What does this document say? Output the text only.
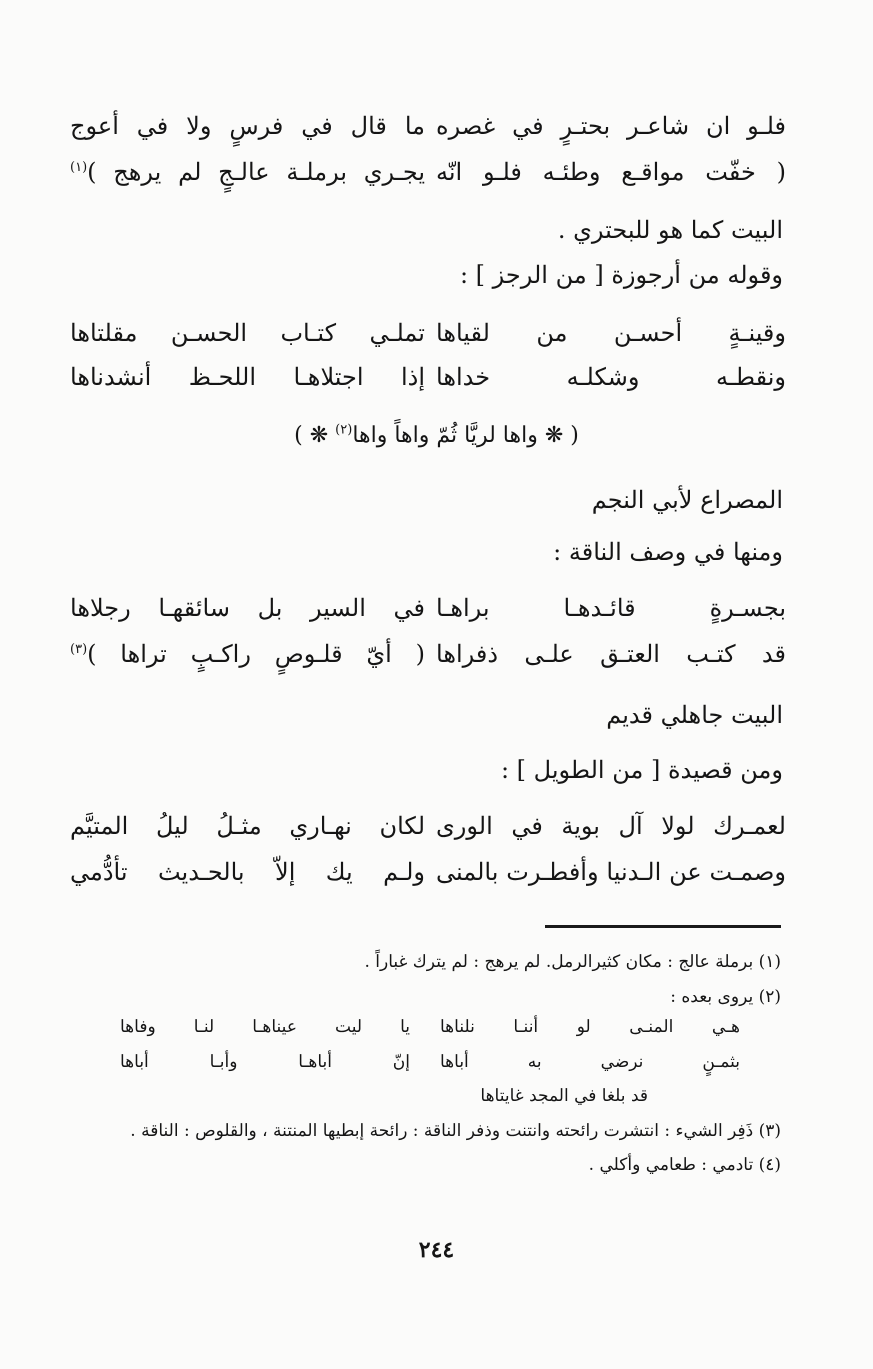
فلـو ان شاعـر بحتـرٍ في غصره
ما قال في فرسٍ ولا في أعوج
( خفّت مواقـع وطئـه فلـو انّه
يجـري برملـة عالـجٍ لم يرهج )$^{(١)}$
البيت كما هو للبحتري .
وقوله من أرجوزة [ من الرجز ] :
وقينـةٍ أحسـن من لقياها
تملـي كتـاب الحسـن مقلتاها
ونقطـه وشكلـه خداها
إذا اجتلاهـا اللحـظ أنشدناها
( ❋ واها لريَّا ثُمّ واهاً واها$^{(٢)}$ ❋ )
المصراع لأبي النجم
ومنها في وصف الناقة :
بجسـرةٍ قائـدهـا براهـا
في السير بل سائقهـا رجلاها
قد كتـب العتـق علـى ذفراها
( أيّ قلـوصٍ راكـبٍ تراها )$^{(٣)}$
البيت جاهلي قديم
ومن قصيدة [ من الطويل ] :
لعمـرك لولا آل بوية في الورى
لكان نهـاري مثـلُ ليلُ المتيَّم
وصمـت عن الـدنيا وأفطـرت بالمنى
ولـم يك إلاّ بالحـديث تأدُّمي
(١) برملة عالج : مكان كثيرالرمل. لم يرهج : لم يترك غباراً .
(٢) يروى بعده :
هـي المنـى لو أننـا نلناها
يا ليت عيناهـا لنـا وفاها
بثمـنٍ نرضي به أباها
إنّ أباهـا وأبـا أباها
قد بلغا في المجد غايتاها
(٣) ذَفِر الشيء : انتشرت رائحته وانتنت وذفر الناقة : رائحة إبطيها المنتنة ، والقلوص : الناقة .
(٤) تادمي : طعامي وأكلي .
٢٤٤
